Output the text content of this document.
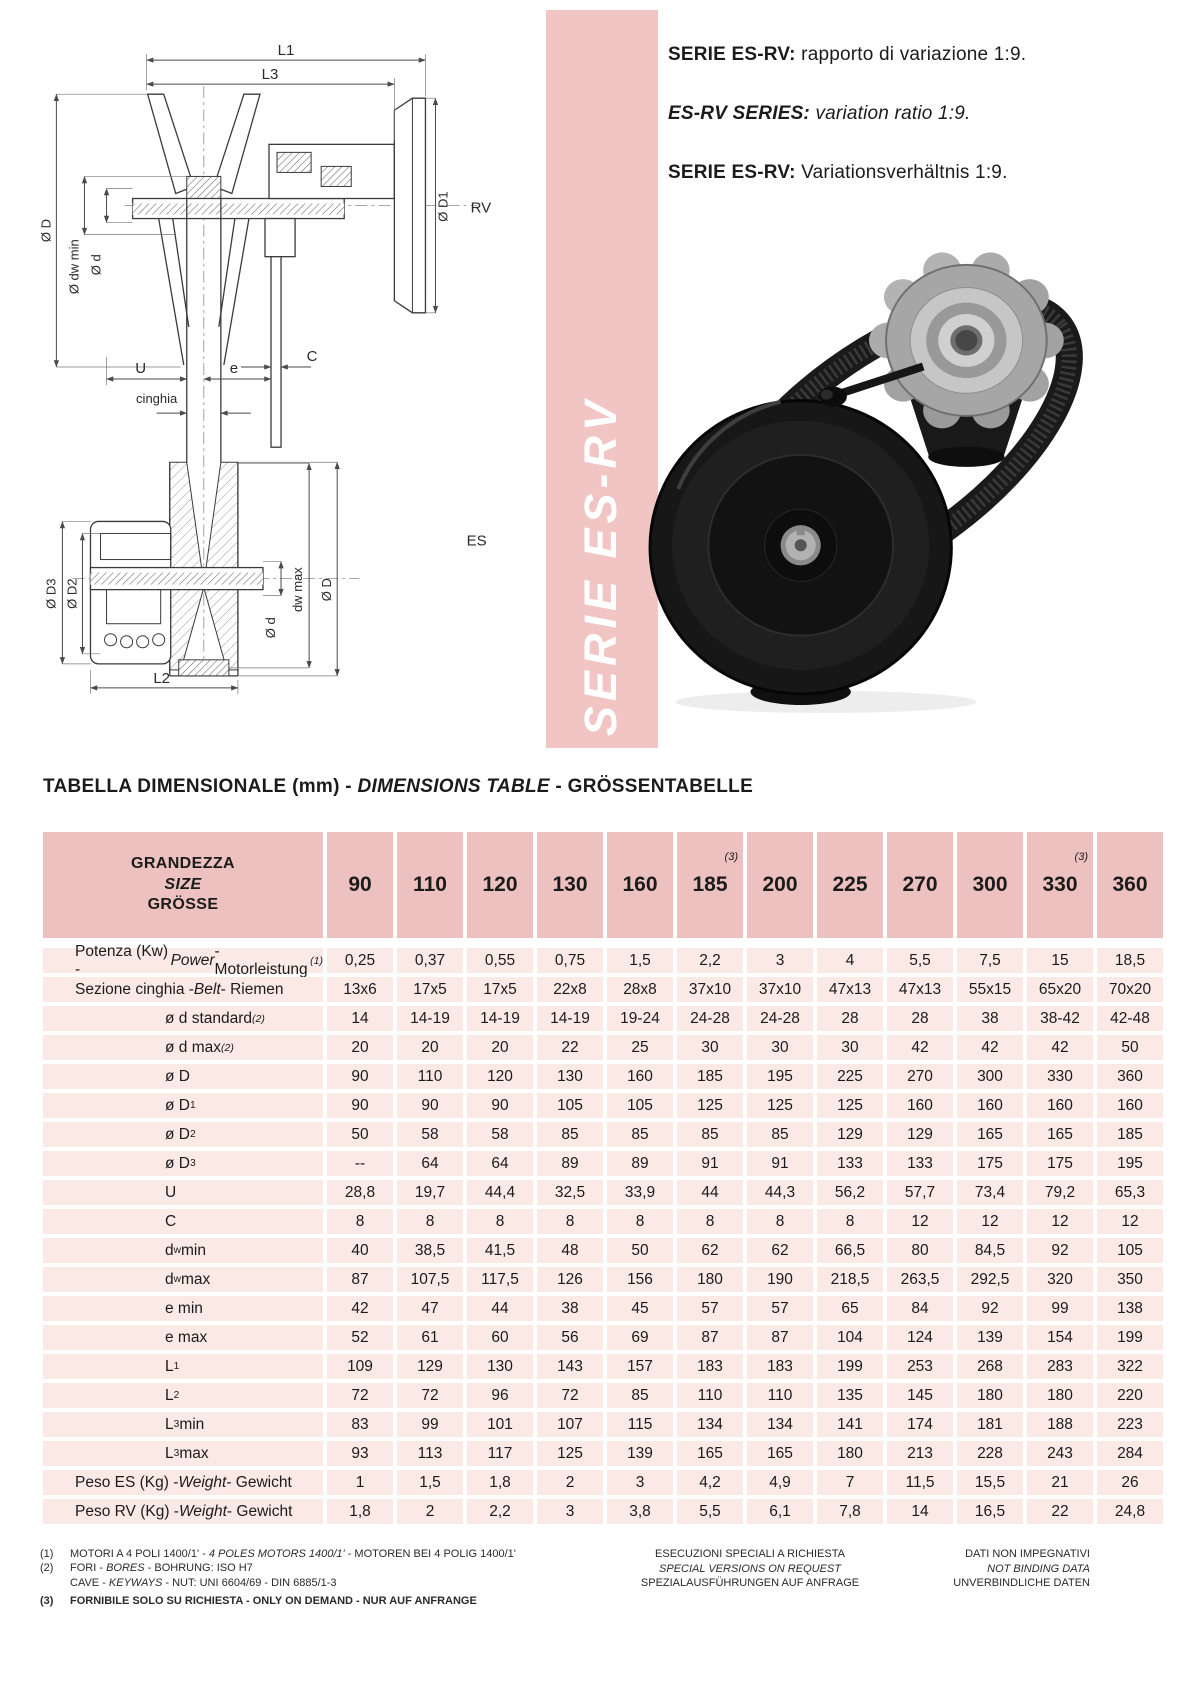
L1
L3
Ø D
Ø dw min Ø d
Ø D1 RV
U	e
cinghia
C
Ø D3 Ø D2
Ø d
dw max Ø D
ES
L2	SERIE ES-RV
SERIE ES-RV: rapporto di variazione 1:9.
ES-RV SERIES: variation ratio 1:9.
SERIE ES-RV: Variationsverhältnis 1:9.
TABELLA DIMENSIONALE (mm) - DIMENSIONS TABLE - GRÖSSENTABELLE
GRANDEZZA
SIZE
GRÖSSE
90 110 120 130 160
(3)
185 200 225 270 300
(3)
330 360
Potenza (Kw) -
Power
- Motorleistung (1)	0,25	0,37	0,55	0,75	1,5	2,2	3	4	5,5	7,5	15	18,5
Sezione cinghia - Belt - Riemen	13x6	17x5	17x5	22x8	28x8	37x10	37x10	47x13	47x13	55x15	65x20	70x20
ø d standard (2)	14	14-19	14-19	14-19	19-24	24-28	24-28	28	28	38	38-42	42-48
ø d max (2)	20	20	20	22	25	30	30	30	42	42	42	50
ø D	90	110	120	130	160	185	195	225	270	300	330	360
ø D 1	90	90	90	105	105	125	125	125	160	160	160	160
ø D 2	50	58	58	85	85	85	85	129	129	165	165	185
ø D 3	--	64	64	89	89	91	91	133	133	175	175	195
U	28,8	19,7	44,4	32,5	33,9	44	44,3	56,2	57,7	73,4	79,2	65,3
C	8	8	8	8	8	8	8	8	12	12	12	12
d w min	40	38,5	41,5	48	50	62	62	66,5	80	84,5	92	105
d w max	87	107,5	117,5	126	156	180	190	218,5	263,5	292,5	320	350
e min	42	47	44	38	45	57	57	65	84	92	99	138
e max	52	61	60	56	69	87	87	104	124	139	154	199
L 1	109	129	130	143	157	183	183	199	253	268	283	322
L 2	72	72	96	72	85	110	110	135	145	180	180	220
L 3 min	83	99	101	107	115	134	134	141	174	181	188	223
L 3 max	93	113	117	125	139	165	165	180	213	228	243	284
Peso ES (Kg) - Weight - Gewicht	1	1,5	1,8	2	3	4,2	4,9	7	11,5	15,5	21	26
Peso RV (Kg) - Weight - Gewicht	1,8	2	2,2	3	3,8	5,5	6,1	7,8	14	16,5	22	24,8
(1)	MOTORI A 4 POLI 1400/1' - 4 POLES MOTORS 1400/1' - MOTOREN BEI 4 POLIG 1400/1'
(2)	FORI - BORES - BOHRUNG: ISO H7
CAVE - KEYWAYS - NUT: UNI 6604/69 - DIN 6885/1-3
(3)	FORNIBILE SOLO SU RICHIESTA - ONLY ON DEMAND - NUR AUF ANFRANGE
ESECUZIONI SPECIALI A RICHIESTA
SPECIAL VERSIONS ON REQUEST
SPEZIALAUSFÜHRUNGEN AUF ANFRAGE
DATI NON IMPEGNATIVI
NOT BINDING DATA
UNVERBINDLICHE DATEN
